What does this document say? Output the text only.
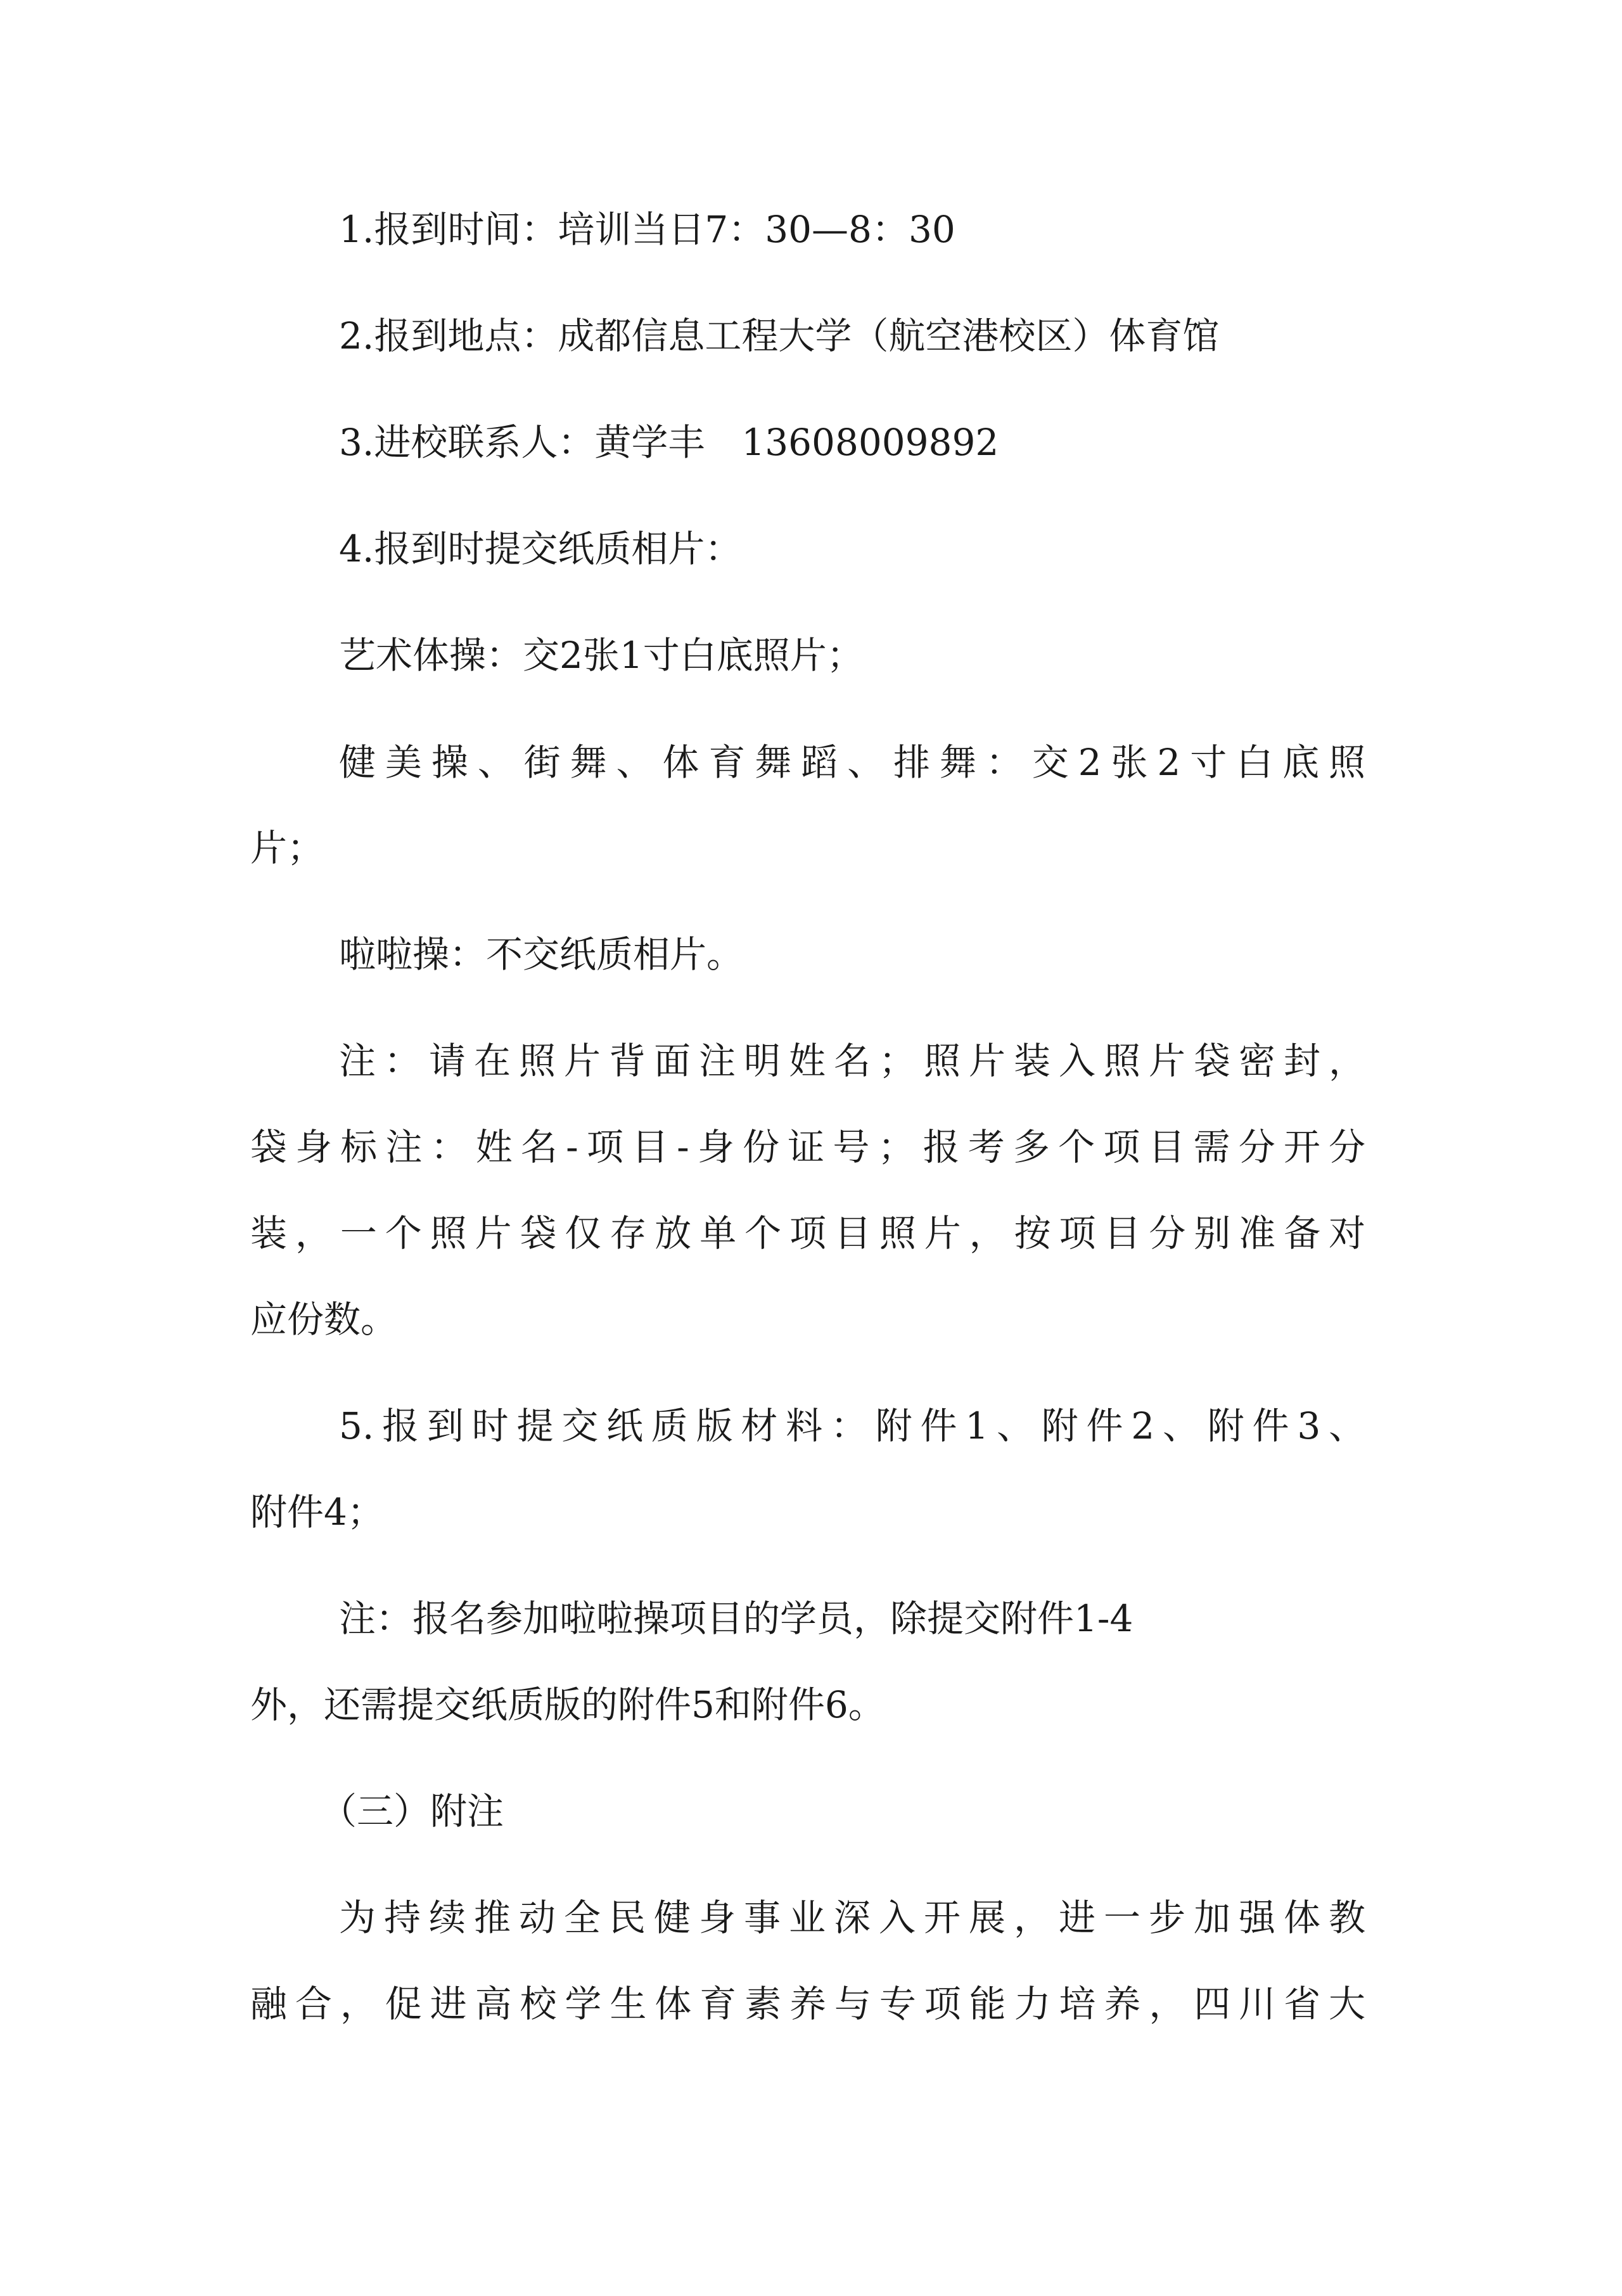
1.报到时间：培训当日7：30—8：30
2.报到地点：成都信息工程大学（航空港校区）体育馆
3.进校联系人：黄学丰　13608009892
4.报到时提交纸质相片：
艺术体操：交2张1寸白底照片；
健美操、街舞、体育舞蹈、排舞：交2张2寸白底照
片；
啦啦操：不交纸质相片。
注：请在照片背面注明姓名；照片装入照片袋密封，
袋身标注：姓名-项目-身份证号；报考多个项目需分开分
装，一个照片袋仅存放单个项目照片，按项目分别准备对
应份数。
5.报到时提交纸质版材料：附件1、附件2、附件3、
附件4；
注：报名参加啦啦操项目的学员，除提交附件1-4
外，还需提交纸质版的附件5和附件6。
（三）附注
为持续推动全民健身事业深入开展，进一步加强体教
融合，促进高校学生体育素养与专项能力培养，四川省大
